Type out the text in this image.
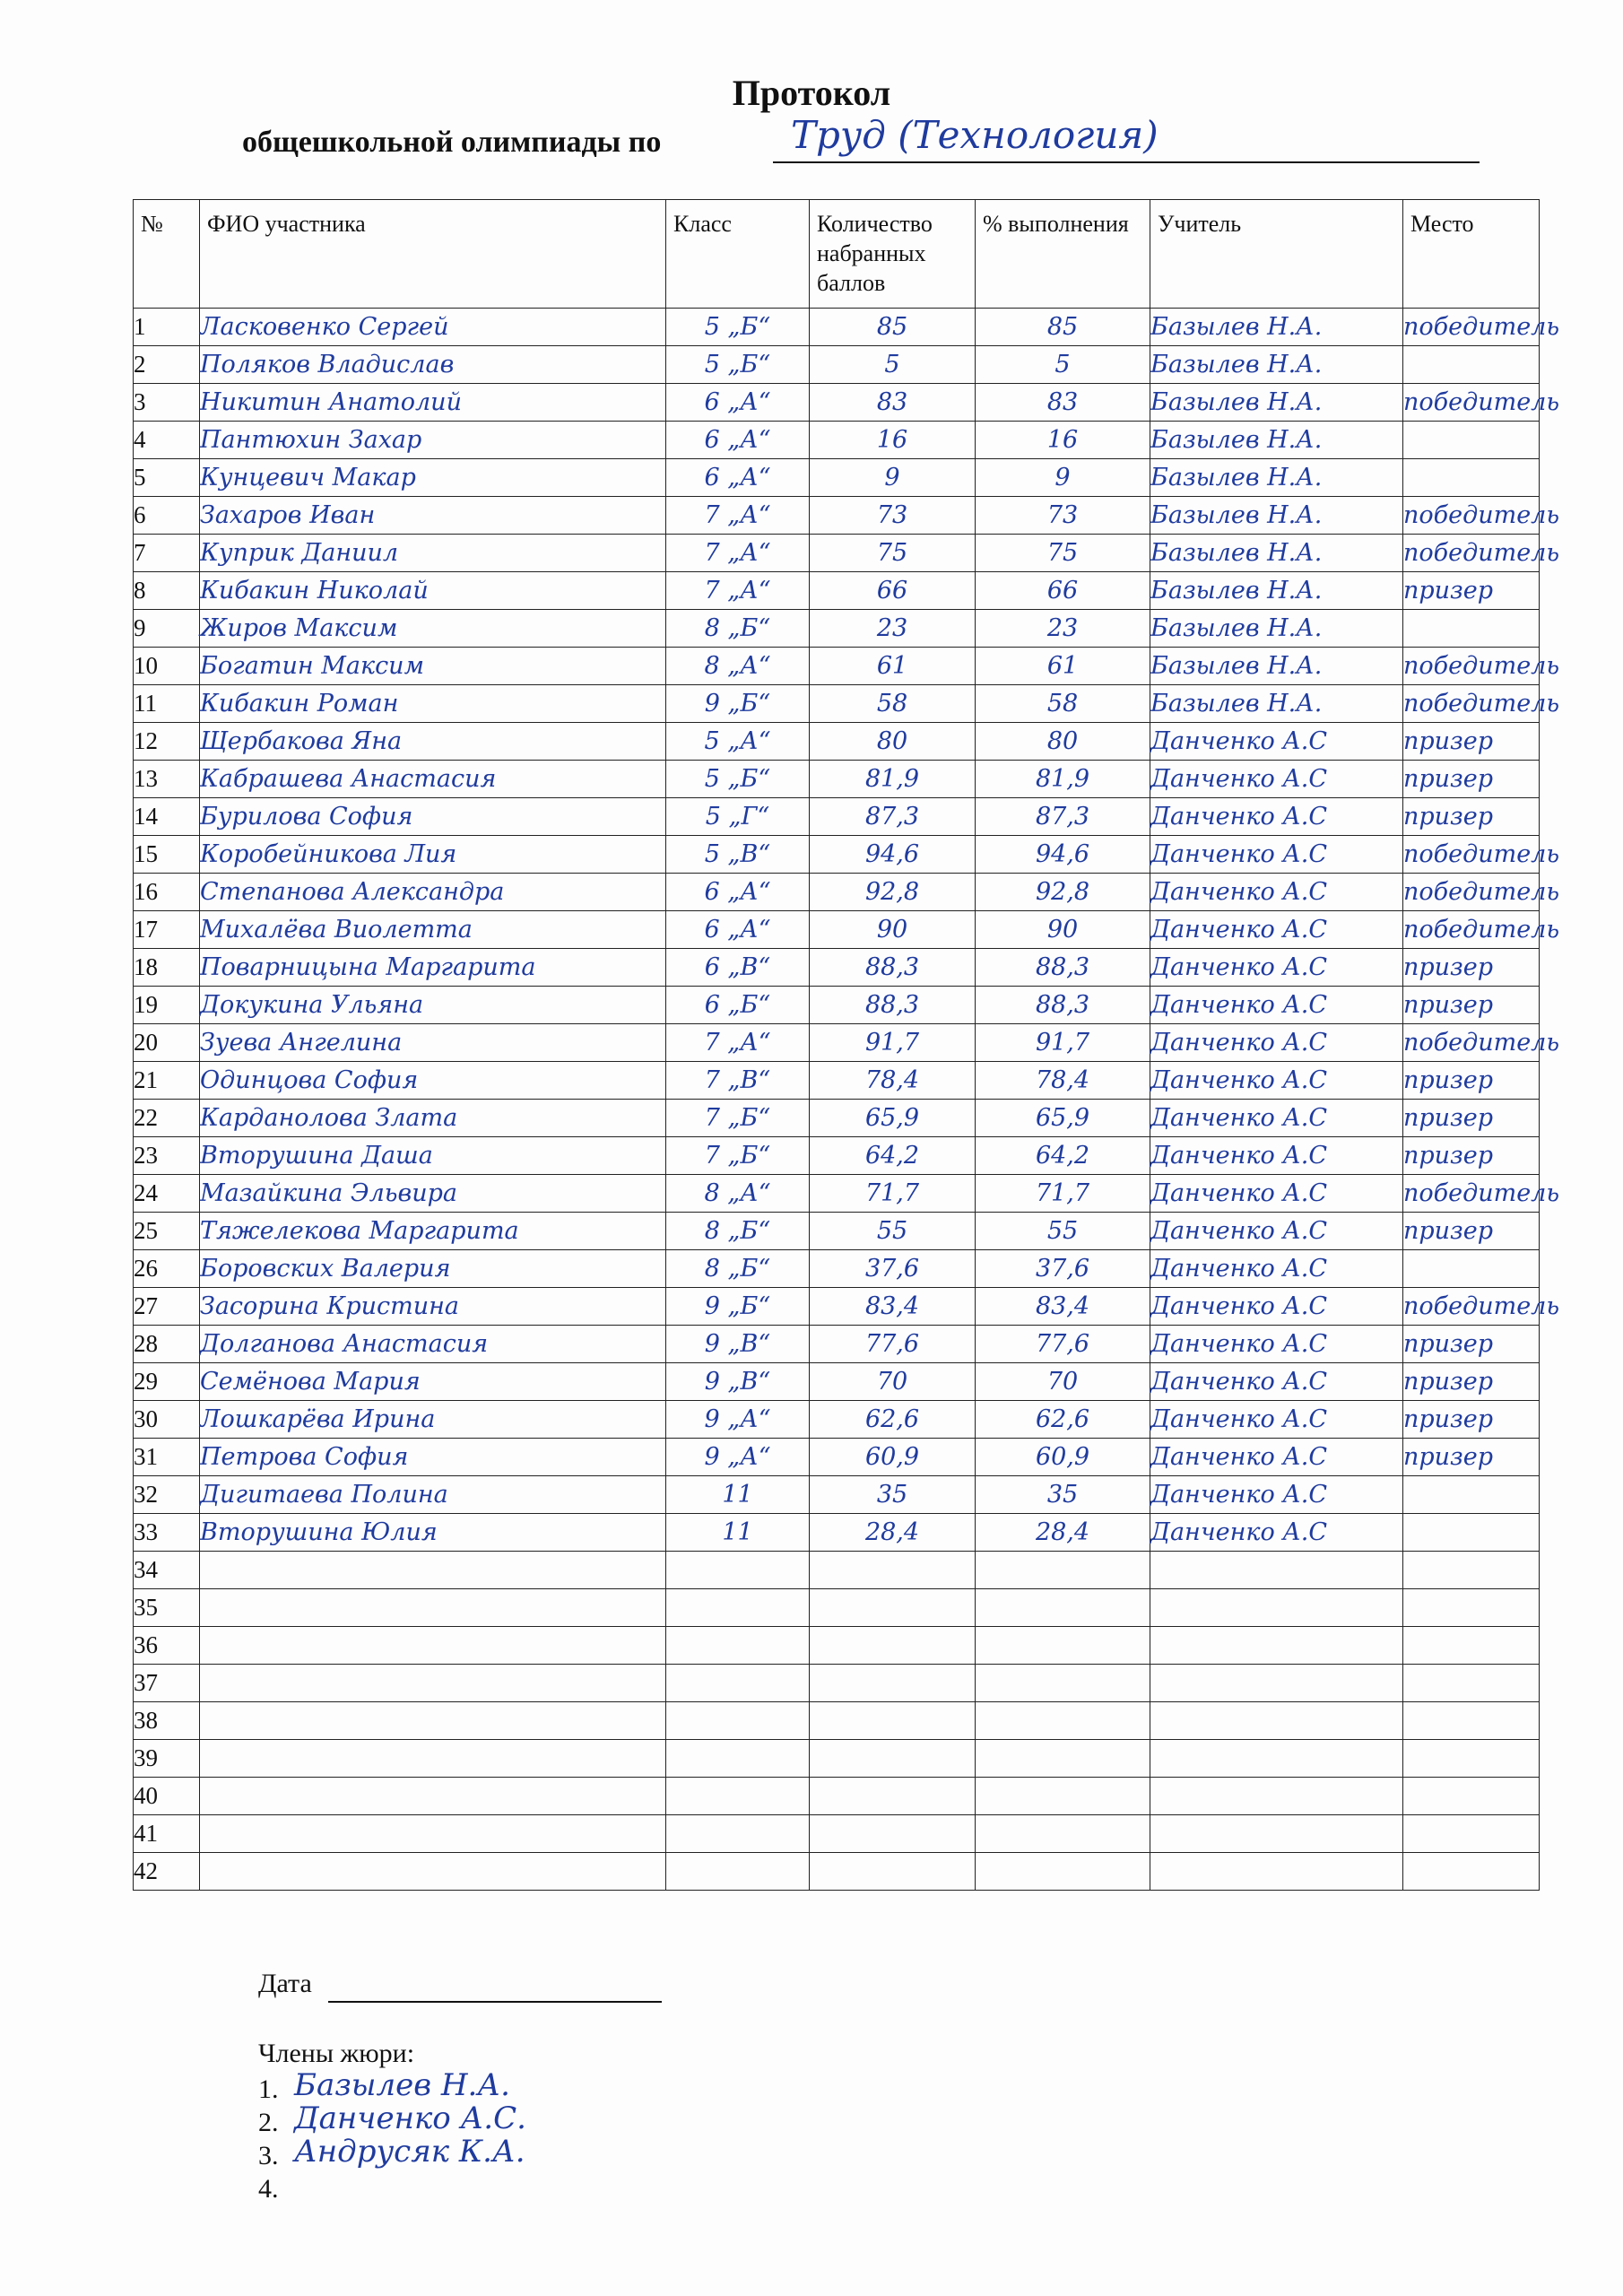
Протокол
общешкольной олимпиады по	Труд (Технология)
№	ФИО участника	Класс	Количество набранных баллов	% выполнения	Учитель	Место
1	Ласковенко Сергей	5 „Б“	85	85	Базылев Н.А.	победитель
2	Поляков Владислав	5 „Б“	5	5	Базылев Н.А.	
3	Никитин Анатолий	6 „А“	83	83	Базылев Н.А.	победитель
4	Пантюхин Захар	6 „А“	16	16	Базылев Н.А.	
5	Кунцевич Макар	6 „А“	9	9	Базылев Н.А.	
6	Захаров Иван	7 „А“	73	73	Базылев Н.А.	победитель
7	Куприк Даниил	7 „А“	75	75	Базылев Н.А.	победитель
8	Кибакин Николай	7 „А“	66	66	Базылев Н.А.	призер
9	Жиров Максим	8 „Б“	23	23	Базылев Н.А.	
10	Богатин Максим	8 „А“	61	61	Базылев Н.А.	победитель
11	Кибакин Роман	9 „Б“	58	58	Базылев Н.А.	победитель
12	Щербакова Яна	5 „А“	80	80	Данченко А.С	призер
13	Кабрашева Анастасия	5 „Б“	81,9	81,9	Данченко А.С	призер
14	Бурилова София	5 „Г“	87,3	87,3	Данченко А.С	призер
15	Коробейникова Лия	5 „В“	94,6	94,6	Данченко А.С	победитель
16	Степанова Александра	6 „А“	92,8	92,8	Данченко А.С	победитель
17	Михалёва Виолетта	6 „А“	90	90	Данченко А.С	победитель
18	Поварницына Маргарита	6 „В“	88,3	88,3	Данченко А.С	призер
19	Докукина Ульяна	6 „Б“	88,3	88,3	Данченко А.С	призер
20	Зуева Ангелина	7 „А“	91,7	91,7	Данченко А.С	победитель
21	Одинцова София	7 „В“	78,4	78,4	Данченко А.С	призер
22	Карданолова Злата	7 „Б“	65,9	65,9	Данченко А.С	призер
23	Вторушина Даша	7 „Б“	64,2	64,2	Данченко А.С	призер
24	Мазайкина Эльвира	8 „А“	71,7	71,7	Данченко А.С	победитель
25	Тяжелекова Маргарита	8 „Б“	55	55	Данченко А.С	призер
26	Боровских Валерия	8 „Б“	37,6	37,6	Данченко А.С	
27	Засорина Кристина	9 „Б“	83,4	83,4	Данченко А.С	победитель
28	Долганова Анастасия	9 „В“	77,6	77,6	Данченко А.С	призер
29	Семёнова Мария	9 „В“	70	70	Данченко А.С	призер
30	Лошкарёва Ирина	9 „А“	62,6	62,6	Данченко А.С	призер
31	Петрова София	9 „А“	60,9	60,9	Данченко А.С	призер
32	Дигитаева Полина	11	35	35	Данченко А.С	
33	Вторушина Юлия	11	28,4	28,4	Данченко А.С	
34						
35						
36						
37						
38						
39						
40						
41						
42						
Дата
Члены жюри:
1. Базылев Н.А.
2. Данченко А.С.
3. Андрусяк К.А.
4.
